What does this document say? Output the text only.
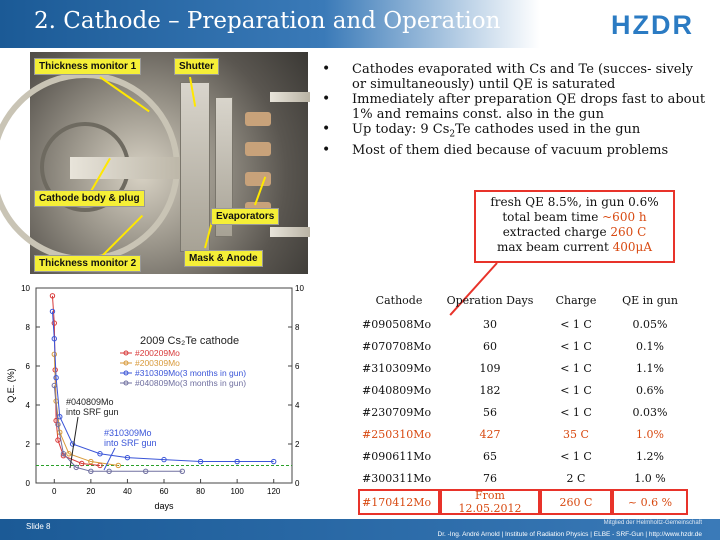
2. Cathode – Preparation and Operation	HZDR
Thickness monitor 1	Shutter
Cathode body & plug
Evaporators
Thickness monitor 2	Mask & Anode
• Cathodes evaporated with Cs and Te (succes- sively or simultaneously) until QE is saturated
• Immediately after preparation QE drops fast to about 1% and remains const. also in the gun
• Up today: 9 $Cs_2Te$ cathodes used in the gun
• Most of them died because of vacuum problems
fresh QE 8.5%, in gun 0.6%
total beam time ~600 h
extracted charge 260 C
max beam current 400μA
0	0
2	2
4	4
6	6
8	8
10	10
0	20	40	60	80	100	120
days
Q.E. (%)
2009 Cs₂Te cathode
#200209Mo
#200309Mo
#310309Mo(3 months in gun)
#040809Mo(3 months in gun)
#040809Mo
into SRF gun
#310309Mo
into SRF gun
Cathode	Operation Days	Charge	QE in gun
#090508Mo	30	< 1 C	0.05%
#070708Mo	60	< 1 C	0.1%
#310309Mo	109	< 1 C	1.1%
#040809Mo	182	< 1 C	0.6%
#230709Mo	56	< 1 C	0.03%
#250310Mo	427	35 C	1.0%
#090611Mo	65	< 1 C	1.2%
#300311Mo	76	2 C	1.0 %
#170412Mo	From 12.05.2012	260 C	~ 0.6 %
Slide 8	Mitglied der Helmholtz-Gemeinschaft
Dr. -Ing. André Arnold | Institute of Radiation Physics | ELBE - SRF-Gun | http://www.hzdr.de
